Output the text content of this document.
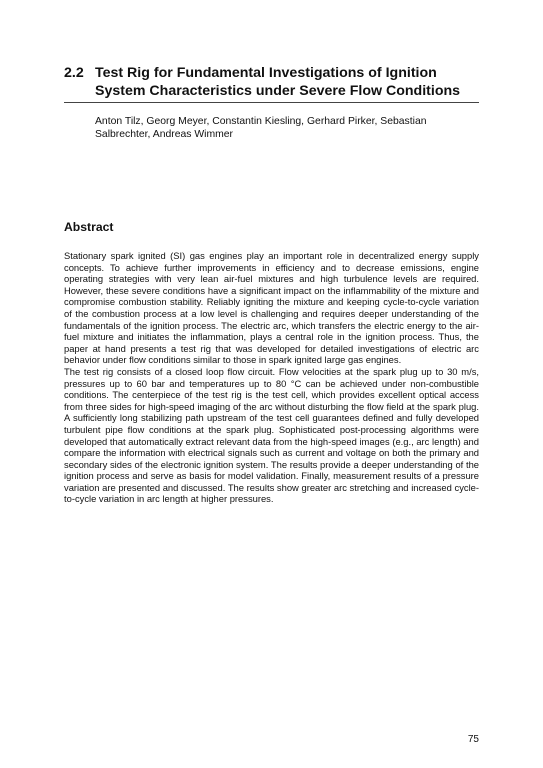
2.2 Test Rig for Fundamental Investigations of Ignition System Characteristics under Severe Flow Conditions
Anton Tilz, Georg Meyer, Constantin Kiesling, Gerhard Pirker, Sebastian Salbrechter, Andreas Wimmer
Abstract

Stationary spark ignited (SI) gas engines play an important role in decentralized energy supply concepts. To achieve further improvements in efficiency and to decrease emissions, engine operating strategies with very lean air-fuel mixtures and high turbulence levels are required. However, these severe conditions have a significant impact on the inflammability of the mixture and compromise combustion stability. Reliably igniting the mixture and keeping cycle-to-cycle variation of the combustion process at a low level is challenging and requires deeper understanding of the fundamentals of the ignition process. The electric arc, which transfers the electric energy to the air-fuel mixture and initiates the inflammation, plays a central role in the ignition process. Thus, the paper at hand presents a test rig that was developed for detailed investigations of electric arc behavior under flow conditions similar to those in spark ignited large gas engines.

The test rig consists of a closed loop flow circuit. Flow velocities at the spark plug up to 30 m/s, pressures up to 60 bar and temperatures up to 80 °C can be achieved under non-combustible conditions. The centerpiece of the test rig is the test cell, which provides excellent optical access from three sides for high-speed imaging of the arc without disturbing the flow field at the spark plug. A sufficiently long stabilizing path upstream of the test cell guarantees defined and fully developed turbulent pipe flow conditions at the spark plug. Sophisticated post-processing algorithms were developed that automatically extract relevant data from the high-speed images (e.g., arc length) and compare the information with electrical signals such as current and voltage on both the primary and secondary sides of the electronic ignition system. The results provide a deeper understanding of the ignition process and serve as basis for model validation. Finally, measurement results of a pressure variation are presented and discussed. The results show greater arc stretching and increased cycle-to-cycle variation in arc length at higher pressures.

75
